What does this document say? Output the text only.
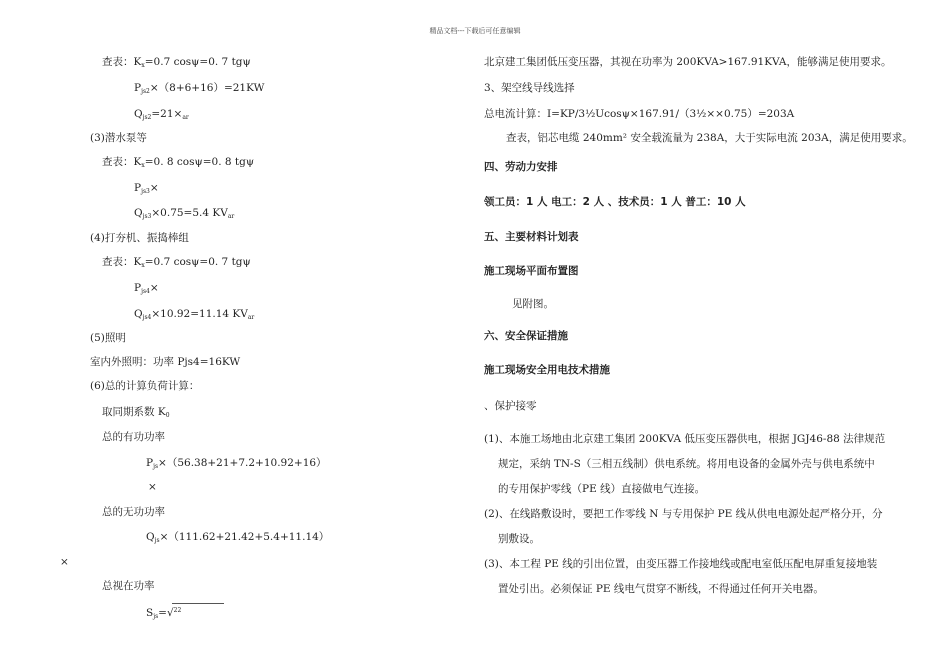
精品文档---下载后可任意编辑
查表：$K_x=0.7$ cosψ=0. 7 tgψ
$P_{js2}\times(8+6+16)=21KW$
$Q_{js2}=21\times_{ar}$
(3)潜水泵等
查表：$K_x=0$. 8 cosψ=0. 8 tgψ
$P_{js3}\times$
$Q_{js3}\times 0.75=5.4$ $KV_{ar}$
(4)打夯机、振捣棒组
查表：$K_x=0.7$ cosψ=0. 7 tgψ
$P_{js4}\times$
$Q_{js4}\times 10.92=11.14$ $KV_{ar}$
(5)照明
室内外照明：功率 Pjs4=16KW
(6)总的计算负荷计算：
取同期系数 $K_0$
总的有功功率
$P_{js}\times(56.38+21+7.2+10.92+16)$
×
总的无功功率
$Q_{js}\times(111.62+21.42+5.4+11.14)$
×
总视在功率
$S_{js}=√^{22}$
北京建工集团低压变压器，其视在功率为 200KVA>167.91KVA，能够满足使用要求。
3、架空线导线选择
总电流计算：I=KP/3½Ucosψ×167.91/（3½××0.75）=203A
查表，铝芯电缆 240mm² 安全载流量为 238A，大于实际电流 203A，满足使用要求。
四、劳动力安排
领工员：1 人 电工：2 人 、技术员：1 人 普工：10 人
五、主要材料计划表
施工现场平面布置图
见附图。
六、安全保证措施
施工现场安全用电技术措施
、保护接零
(1)、本施工场地由北京建工集团 200KVA 低压变压器供电，根据 JGJ46-88 法律规范
规定，采纳 TN-S（三相五线制）供电系统。将用电设备的金属外壳与供电系统中
的专用保护零线（PE 线）直接做电气连接。
(2)、在线路敷设时，要把工作零线 N 与专用保护 PE 线从供电电源处起严格分开，分
别敷设。
(3)、本工程 PE 线的引出位置，由变压器工作接地线或配电室低压配电屏重复接地装
置处引出。必须保证 PE 线电气贯穿不断线，不得通过任何开关电器。
